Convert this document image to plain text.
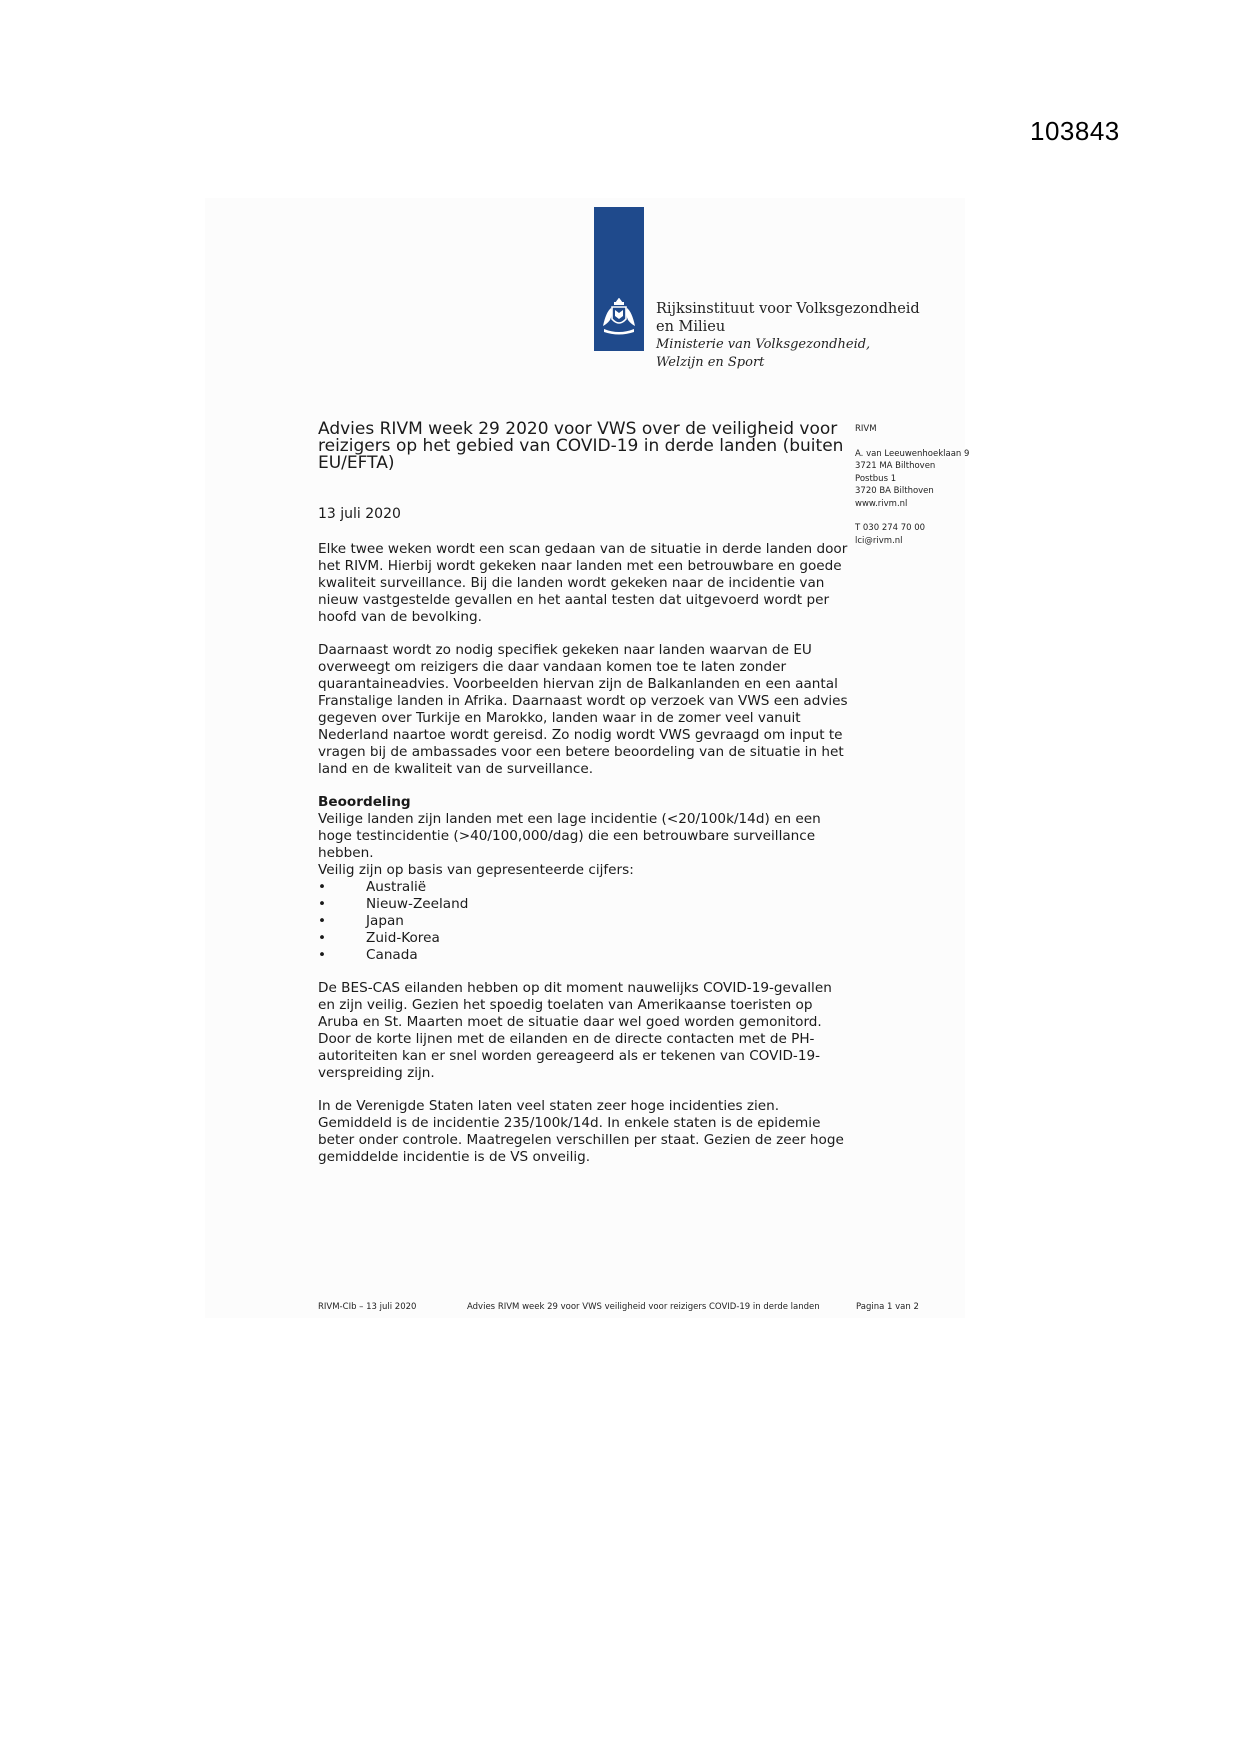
103843
Rijksinstituut voor Volksgezondheid
en Milieu
Ministerie van Volksgezondheid,
Welzijn en Sport
Advies RIVM week 29 2020 voor VWS over de veiligheid voor reizigers op het gebied van COVID-19 in derde landen (buiten EU/EFTA)
RIVM
A. van Leeuwenhoeklaan 9
3721 MA Bilthoven
Postbus 1
3720 BA Bilthoven
www.rivm.nl
T 030 274 70 00
lci@rivm.nl
13 juli 2020

Elke twee weken wordt een scan gedaan van de situatie in derde landen door het RIVM. Hierbij wordt gekeken naar landen met een betrouwbare en goede kwaliteit surveillance. Bij die landen wordt gekeken naar de incidentie van nieuw vastgestelde gevallen en het aantal testen dat uitgevoerd wordt per hoofd van de bevolking.

Daarnaast wordt zo nodig specifiek gekeken naar landen waarvan de EU overweegt om reizigers die daar vandaan komen toe te laten zonder quarantaineadvies. Voorbeelden hiervan zijn de Balkanlanden en een aantal Franstalige landen in Afrika. Daarnaast wordt op verzoek van VWS een advies gegeven over Turkije en Marokko, landen waar in de zomer veel vanuit Nederland naartoe wordt gereisd. Zo nodig wordt VWS gevraagd om input te vragen bij de ambassades voor een betere beoordeling van de situatie in het land en de kwaliteit van de surveillance.

Beoordeling

Veilige landen zijn landen met een lage incidentie (<20/100k/14d) en een hoge testincidentie (>40/100,000/dag) die een betrouwbare surveillance hebben.

Veilig zijn op basis van gepresenteerde cijfers:

•	Australië
•	Nieuw-Zeeland
•	Japan
•	Zuid-Korea
•	Canada

De BES-CAS eilanden hebben op dit moment nauwelijks COVID-19-gevallen en zijn veilig. Gezien het spoedig toelaten van Amerikaanse toeristen op Aruba en St. Maarten moet de situatie daar wel goed worden gemonitord. Door de korte lijnen met de eilanden en de directe contacten met de PH-autoriteiten kan er snel worden gereageerd als er tekenen van COVID-19-verspreiding zijn.

In de Verenigde Staten laten veel staten zeer hoge incidenties zien. Gemiddeld is de incidentie 235/100k/14d. In enkele staten is de epidemie beter onder controle. Maatregelen verschillen per staat. Gezien de zeer hoge gemiddelde incidentie is de VS onveilig.

RIVM-CIb – 13 juli 2020	Advies RIVM week 29 voor VWS veiligheid voor reizigers COVID-19 in derde landen	Pagina 1 van 2
